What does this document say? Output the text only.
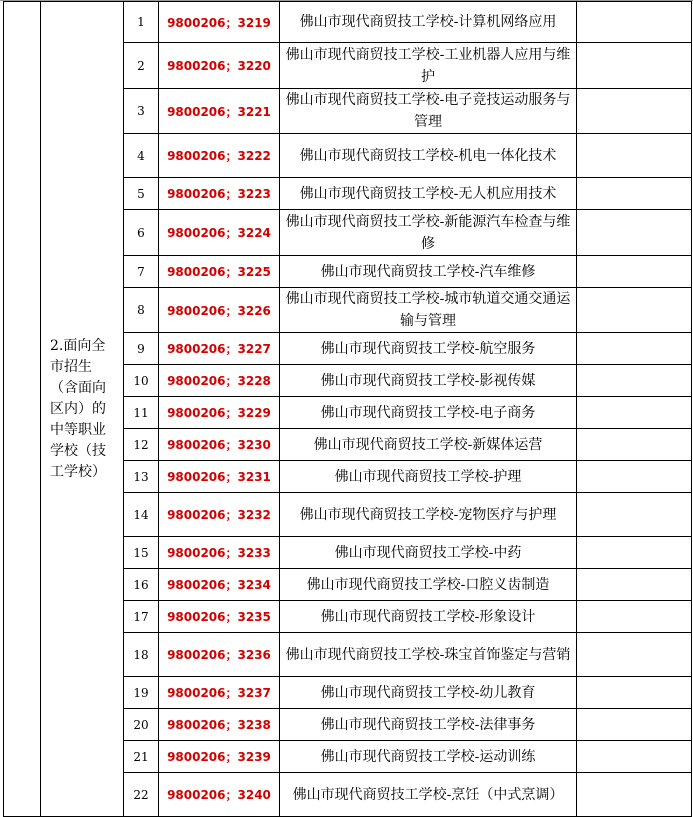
	2.面向全市招生（含面向区内）的中等职业学校（技工学校）	1	9800206；3219	佛山市现代商贸技工学校-计算机网络应用	
		2	9800206；3220	佛山市现代商贸技工学校-工业机器人应用与维护	
		3	9800206；3221	佛山市现代商贸技工学校-电子竞技运动服务与管理	
		4	9800206；3222	佛山市现代商贸技工学校-机电一体化技术	
		5	9800206；3223	佛山市现代商贸技工学校-无人机应用技术	
		6	9800206；3224	佛山市现代商贸技工学校-新能源汽车检查与维修	
		7	9800206；3225	佛山市现代商贸技工学校-汽车维修	
		8	9800206；3226	佛山市现代商贸技工学校-城市轨道交通交通运输与管理	
		9	9800206；3227	佛山市现代商贸技工学校-航空服务	
		10	9800206；3228	佛山市现代商贸技工学校-影视传媒	
		11	9800206；3229	佛山市现代商贸技工学校-电子商务	
		12	9800206；3230	佛山市现代商贸技工学校-新媒体运营	
		13	9800206；3231	佛山市现代商贸技工学校-护理	
		14	9800206；3232	佛山市现代商贸技工学校-宠物医疗与护理	
		15	9800206；3233	佛山市现代商贸技工学校-中药	
		16	9800206；3234	佛山市现代商贸技工学校-口腔义齿制造	
		17	9800206；3235	佛山市现代商贸技工学校-形象设计	
		18	9800206；3236	佛山市现代商贸技工学校-珠宝首饰鉴定与营销	
		19	9800206；3237	佛山市现代商贸技工学校-幼儿教育	
		20	9800206；3238	佛山市现代商贸技工学校-法律事务	
		21	9800206；3239	佛山市现代商贸技工学校-运动训练	
		22	9800206；3240	佛山市现代商贸技工学校-烹饪（中式烹调）	
